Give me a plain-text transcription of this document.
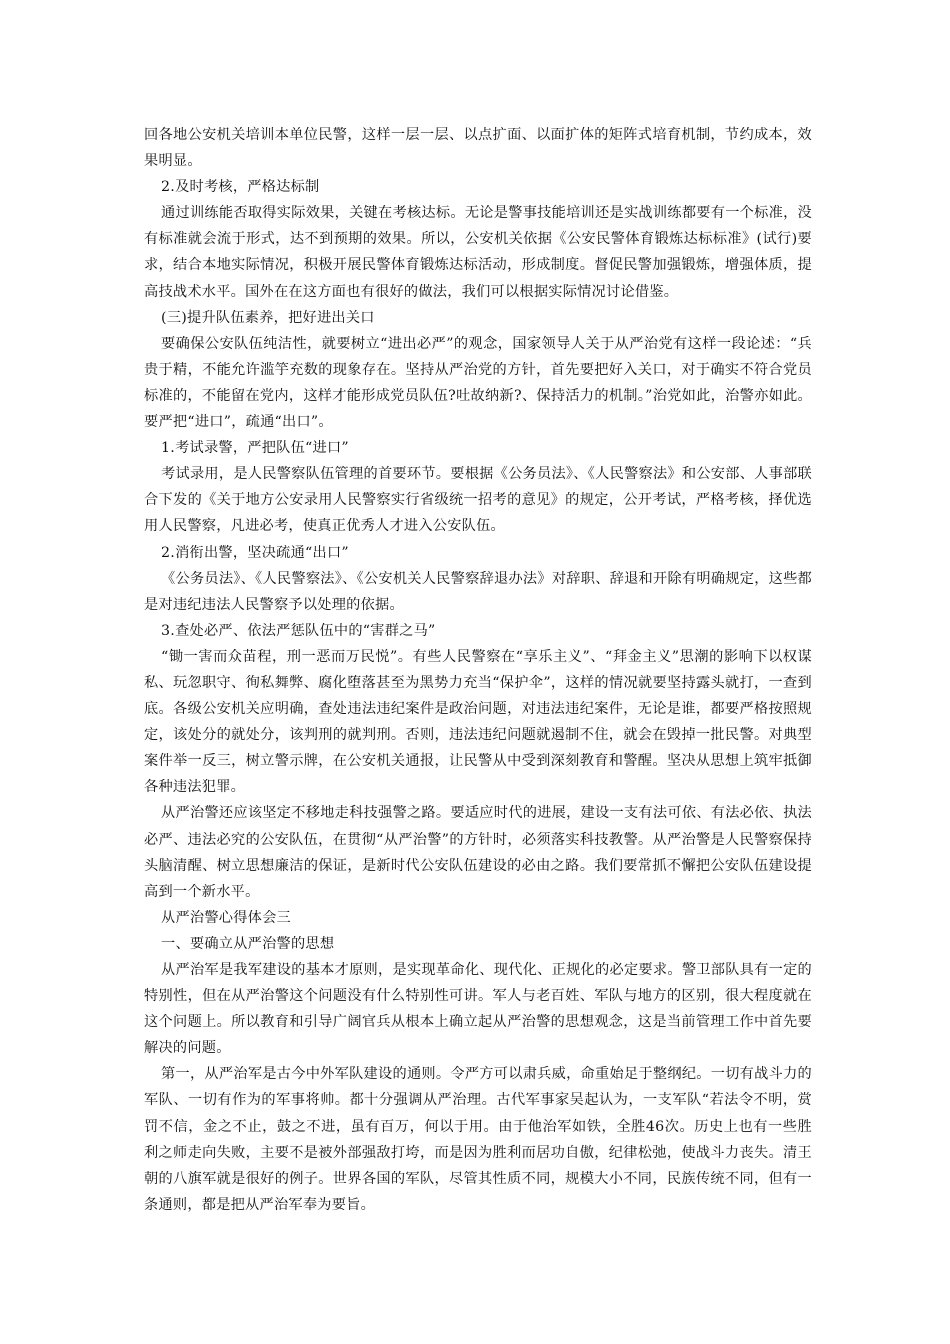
回各地公安机关培训本单位民警，这样一层一层、以点扩面、以面扩体的矩阵式培育机制，节约成本，效果明显。

2.及时考核，严格达标制

通过训练能否取得实际效果，关键在考核达标。无论是警事技能培训还是实战训练都要有一个标准，没有标准就会流于形式，达不到预期的效果。所以，公安机关依据《公安民警体育锻炼达标标准》(试行)要求，结合本地实际情况，积极开展民警体育锻炼达标活动，形成制度。督促民警加强锻炼，增强体质，提高技战术水平。国外在在这方面也有很好的做法，我们可以根据实际情况讨论借鉴。

(三)提升队伍素养，把好进出关口

要确保公安队伍纯洁性，就要树立“进出必严”的观念，国家领导人关于从严治党有这样一段论述：“兵贵于精，不能允许滥竽充数的现象存在。坚持从严治党的方针，首先要把好入关口，对于确实不符合党员标准的，不能留在党内，这样才能形成党员队伍?吐故纳新?、保持活力的机制。”治党如此，治警亦如此。要严把“进口”，疏通“出口”。

1.考试录警，严把队伍“进口”

考试录用，是人民警察队伍管理的首要环节。要根据《公务员法》、《人民警察法》和公安部、人事部联合下发的《关于地方公安录用人民警察实行省级统一招考的意见》的规定，公开考试，严格考核，择优选用人民警察，凡进必考，使真正优秀人才进入公安队伍。

2.消衔出警，坚决疏通“出口”

《公务员法》、《人民警察法》、《公安机关人民警察辞退办法》对辞职、辞退和开除有明确规定，这些都是对违纪违法人民警察予以处理的依据。

3.查处必严、依法严惩队伍中的“害群之马”

“锄一害而众苗程，刑一恶而万民悦”。有些人民警察在“享乐主义”、“拜金主义”思潮的影响下以权谋私、玩忽职守、徇私舞弊、腐化堕落甚至为黑势力充当“保护伞”，这样的情况就要坚持露头就打，一查到底。各级公安机关应明确，查处违法违纪案件是政治问题，对违法违纪案件，无论是谁，都要严格按照规定，该处分的就处分，该判刑的就判刑。否则，违法违纪问题就遏制不住，就会在毁掉一批民警。对典型案件举一反三，树立警示牌，在公安机关通报，让民警从中受到深刻教育和警醒。坚决从思想上筑牢抵御各种违法犯罪。

从严治警还应该坚定不移地走科技强警之路。要适应时代的进展，建设一支有法可依、有法必依、执法必严、违法必究的公安队伍，在贯彻“从严治警”的方针时，必须落实科技教警。从严治警是人民警察保持头脑清醒、树立思想廉洁的保证，是新时代公安队伍建设的必由之路。我们要常抓不懈把公安队伍建设提高到一个新水平。

从严治警心得体会三

一、要确立从严治警的思想

从严治军是我军建设的基本才原则，是实现革命化、现代化、正规化的必定要求。警卫部队具有一定的特别性，但在从严治警这个问题没有什么特别性可讲。军人与老百姓、军队与地方的区别，很大程度就在这个问题上。所以教育和引导广阔官兵从根本上确立起从严治警的思想观念，这是当前管理工作中首先要解决的问题。

第一，从严治军是古今中外军队建设的通则。令严方可以肃兵威，命重始足于整纲纪。一切有战斗力的军队、一切有作为的军事将帅。都十分强调从严治理。古代军事家吴起认为，一支军队“若法令不明，赏罚不信，金之不止，鼓之不进，虽有百万，何以于用。由于他治军如铁，全胜46次。历史上也有一些胜利之师走向失败，主要不是被外部强敌打垮，而是因为胜利而居功自傲，纪律松弛，使战斗力丧失。清王朝的八旗军就是很好的例子。世界各国的军队，尽管其性质不同，规模大小不同，民族传统不同，但有一条通则，都是把从严治军奉为要旨。
